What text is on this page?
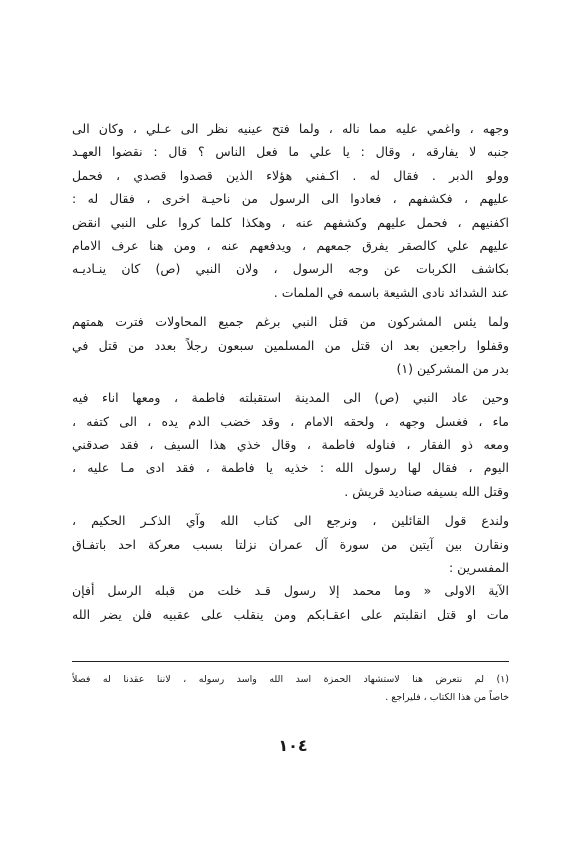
وجهه ، واغمي عليه مما ناله ، ولما فتح عينيه نظر الى عـلي ، وكان الى
جنبه لا يفارقه ، وقال : يا علي ما فعل الناس ؟ قال : نقضوا العهـد
وولو الدبر . فقال له . اكـفني هؤلاء الذين قصدوا قصدي ، فحمل
عليهم ، فكشفهم ، فعادوا الى الرسول من ناحيـة اخرى ، فقال له :
اكفنيهم ، فحمل عليهم وكشفهم عنه ، وهكذا كلما كروا على النبي انقض
عليهم علي كالصقر يفرق جمعهم ، ويدفعهم عنه ، ومن هنا عرف الامام
بكاشف الكربات عن وجه الرسول ، ولان النبي (ص) كان ينـاديـه
عند الشدائد نادى الشيعة باسمه في الملمات .
ولما يئس المشركون من قتل النبي برغم جميع المحاولات فترت همتهم
وقفلوا راجعين بعد ان قتل من المسلمين سبعون رجلاً بعدد من قتل في
بدر من المشركين (١)
وحين عاد النبي (ص) الى المدينة استقبلته فاطمة ، ومعها اناء فيه
ماء ، فغسل وجهه ، ولحقه الامام ، وقد خضب الدم يده ، الى كتفه ،
ومعه ذو الفقار ، فناوله فاطمة ، وقال خذي هذا السيف ، فقد صدقني
اليوم ، فقال لها رسول الله : خذيه يا فاطمة ، فقد ادى مـا عليه ،
وقتل الله بسيفه صناديد قريش .
ولندع قول القائلين ، ونرجع الى كتاب الله وآي الذكـر الحكيم ،
ونقارن بين آيتين من سورة آل عمران نزلتا بسبب معركة احد باتفـاق
المفسرين :
الآية الاولى « وما محمد إلا رسول قـد خلت من قبله الرسل أفإن
مات او قتل انقلبتم على اعقـابكم ومن ينقلب على عقبيه فلن يضر الله
(١) لم نتعرض هنا لاستشهاد الحمزة اسد الله واسد رسوله ، لاننا عقدنا له فصلاً
خاصاً من هذا الكتاب ، فليراجع .
١٠٤
